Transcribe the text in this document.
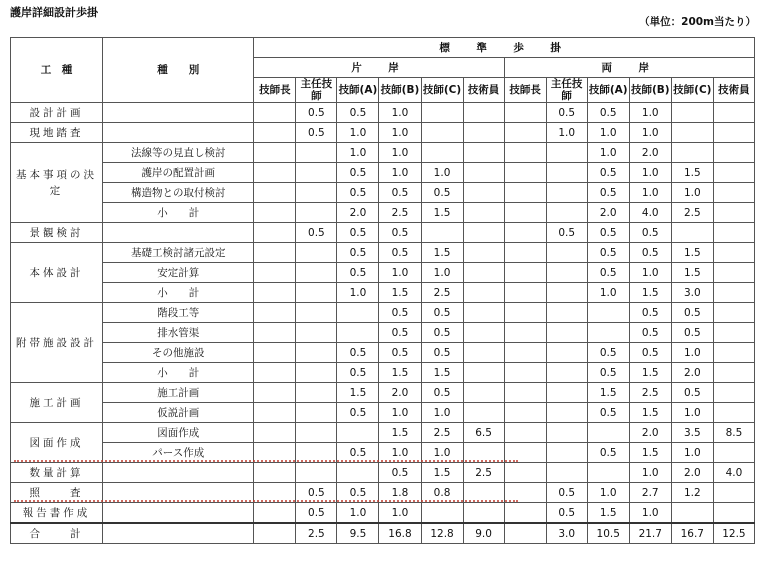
護岸詳細設計歩掛
（単位：200m当たり）
工　種	種　　別	標　準　歩　掛											
		片　岸						両　岸					
		技師長	主任技師	技師(A)	技師(B)	技師(C)	技術員	技師長	主任技師	技師(A)	技師(B)	技師(C)	技術員
設計計画			0.5	0.5	1.0				0.5	0.5	1.0		
現地踏査			0.5	1.0	1.0				1.0	1.0	1.0		
基本事項の決定	法線等の見直し検討			1.0	1.0					1.0	2.0		
	護岸の配置計画			0.5	1.0	1.0				0.5	1.0	1.5	
	構造物との取付検討			0.5	0.5	0.5				0.5	1.0	1.0	
	小　　計			2.0	2.5	1.5				2.0	4.0	2.5	
景観検討			0.5	0.5	0.5				0.5	0.5	0.5		
本体設計	基礎工検討諸元設定			0.5	0.5	1.5				0.5	0.5	1.5	
	安定計算			0.5	1.0	1.0				0.5	1.0	1.5	
	小　　計			1.0	1.5	2.5				1.0	1.5	3.0	
附帯施設設計	階段工等				0.5	0.5					0.5	0.5	
	排水管渠				0.5	0.5					0.5	0.5	
	その他施設			0.5	0.5	0.5				0.5	0.5	1.0	
	小　　計			0.5	1.5	1.5				0.5	1.5	2.0	
施工計画	施工計画			1.5	2.0	0.5				1.5	2.5	0.5	
	仮説計画			0.5	1.0	1.0				0.5	1.5	1.0	
図面作成	図面作成				1.5	2.5	6.5				2.0	3.5	8.5
	パース作成			0.5	1.0	1.0				0.5	1.5	1.0	
数量計算					0.5	1.5	2.5				1.0	2.0	4.0
照　　査			0.5	0.5	1.8	0.8			0.5	1.0	2.7	1.2	
報告書作成			0.5	1.0	1.0				0.5	1.5	1.0		
合　　計			2.5	9.5	16.8	12.8	9.0		3.0	10.5	21.7	16.7	12.5
